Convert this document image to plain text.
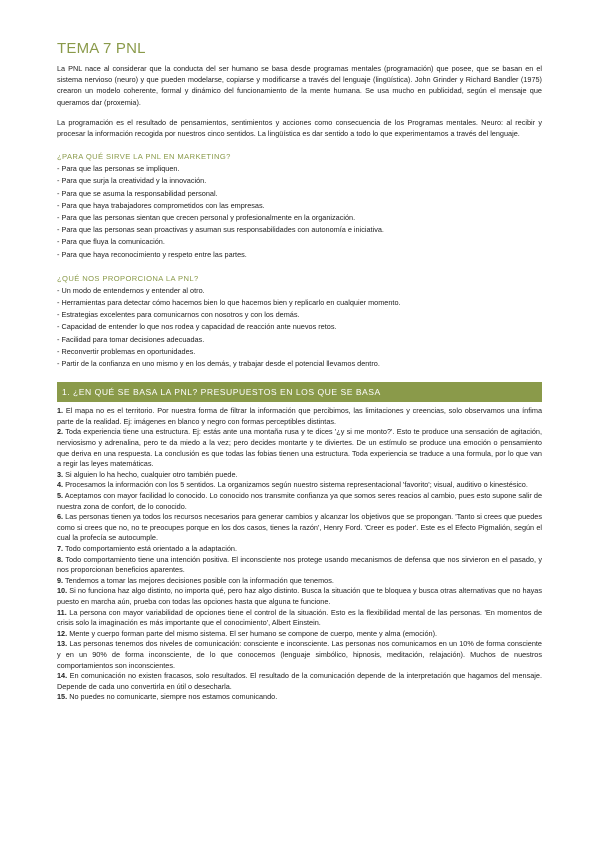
TEMA 7 PNL

La PNL nace al considerar que la conducta del ser humano se basa desde programas mentales (programación) que posee, que se basan en el sistema nervioso (neuro) y que pueden modelarse, copiarse y modificarse a través del lenguaje (lingüística). John Grinder y Richard Bandler (1975) crearon un modelo coherente, formal y dinámico del funcionamiento de la mente humana. Se usa mucho en publicidad, según el mensaje que queramos dar (proxemia).

La programación es el resultado de pensamientos, sentimientos y acciones como consecuencia de los Programas mentales. Neuro: al recibir y procesar la información recogida por nuestros cinco sentidos. La lingüística es dar sentido a todo lo que experimentamos a través del lenguaje.

¿PARA QUÉ SIRVE LA PNL EN MARKETING?
- Para que las personas se impliquen.
- Para que surja la creatividad y la innovación.
- Para que se asuma la responsabilidad personal.
- Para que haya trabajadores comprometidos con las empresas.
- Para que las personas sientan que crecen personal y profesionalmente en la organización.
- Para que las personas sean proactivas y asuman sus responsabilidades con autonomía e iniciativa.
- Para que fluya la comunicación.
- Para que haya reconocimiento y respeto entre las partes.
¿QUÉ NOS PROPORCIONA LA PNL?
- Un modo de entendernos y entender al otro.
- Herramientas para detectar cómo hacemos bien lo que hacemos bien y replicarlo en cualquier momento.
- Estrategias excelentes para comunicarnos con nosotros y con los demás.
- Capacidad de entender lo que nos rodea y capacidad de reacción ante nuevos retos.
- Facilidad para tomar decisiones adecuadas.
- Reconvertir problemas en oportunidades.
- Partir de la confianza en uno mismo y en los demás, y trabajar desde el potencial llevamos dentro.
1. ¿EN QUÉ SE BASA LA PNL? PRESUPUESTOS EN LOS QUE SE BASA
1. El mapa no es el territorio. Por nuestra forma de filtrar la información que percibimos, las limitaciones y creencias, solo observamos una ínfima parte de la realidad. Ej: imágenes en blanco y negro con formas perceptibles distintas.
2. Toda experiencia tiene una estructura. Ej: estás ante una montaña rusa y te dices '¿y si me monto?'. Esto te produce una sensación de agitación, nerviosismo y adrenalina, pero te da miedo a la vez; pero decides montarte y te diviertes. De un estímulo se produce una emoción o pensamiento que deriva en una respuesta. La conclusión es que todas las fobias tienen una estructura. Toda experiencia se traduce a una formula, por lo que van a regir las leyes matemáticas.
3. Si alguien lo ha hecho, cualquier otro también puede.
4. Procesamos la información con los 5 sentidos. La organizamos según nuestro sistema representacional 'favorito'; visual, auditivo o kinestésico.
5. Aceptamos con mayor facilidad lo conocido. Lo conocido nos transmite confianza ya que somos seres reacios al cambio, pues esto supone salir de nuestra zona de confort, de lo conocido.
6. Las personas tienen ya todos los recursos necesarios para generar cambios y alcanzar los objetivos que se propongan. 'Tanto si crees que puedes como si crees que no, no te preocupes porque en los dos casos, tienes la razón', Henry Ford. 'Creer es poder'. Este es el Efecto Pigmalión, según el cual la profecía se autocumple.
7. Todo comportamiento está orientado a la adaptación.
8. Todo comportamiento tiene una intención positiva. El inconsciente nos protege usando mecanismos de defensa que nos sirvieron en el pasado, y nos proporcionan beneficios aparentes.
9. Tendemos a tomar las mejores decisiones posible con la información que tenemos.
10. Si no funciona haz algo distinto, no importa qué, pero haz algo distinto. Busca la situación que te bloquea y busca otras alternativas que no hayas puesto en marcha aún, prueba con todas las opciones hasta que alguna te funcione.
11. La persona con mayor variabilidad de opciones tiene el control de la situación. Esto es la flexibilidad mental de las personas. 'En momentos de crisis solo la imaginación es más importante que el conocimiento', Albert Einstein.
12. Mente y cuerpo forman parte del mismo sistema. El ser humano se compone de cuerpo, mente y alma (emoción).
13. Las personas tenemos dos niveles de comunicación: consciente e inconsciente. Las personas nos comunicamos en un 10% de forma consciente y en un 90% de forma inconsciente, de lo que conocemos (lenguaje simbólico, hipnosis, meditación, relajación). Muchos de nuestros comportamientos son inconscientes.
14. En comunicación no existen fracasos, solo resultados. El resultado de la comunicación depende de la interpretación que hagamos del mensaje. Depende de cada uno convertirla en útil o desecharla.
15. No puedes no comunicarte, siempre nos estamos comunicando.
